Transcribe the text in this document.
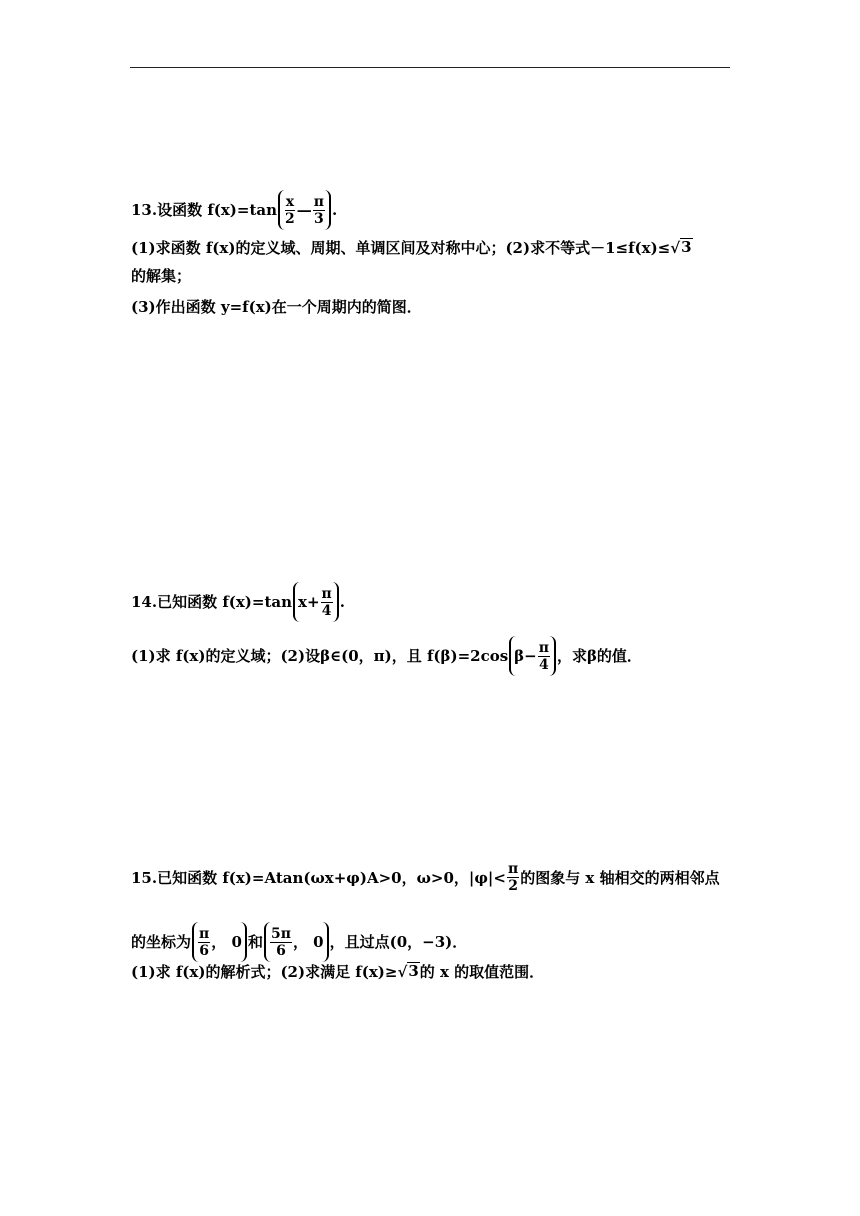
13.设函数 $f(x)=\tan \frac{x}{2}$ — $\frac{\pi}{3}$ .
(1)求函数 f(x)的定义域、周期、单调区间及对称中心；(2)求不等式－1≤f(x)≤ √ 3
的解集；
(3)作出函数 y=f(x)在一个周期内的简图．
14.已知函数 f(x)=tan $x+ \frac{\pi}{4}$ .
(1)求 f(x)的定义域；(2)设β∈(0，π)，且 f(β)=2cos $\beta- \frac{\pi}{4}$ ，求β的值．
15.已知函数 f(x)=Atan(ωx+φ)A>0，ω>0，$|\varphi|< \frac{\pi}{2}$ 的图象与 x 轴相交的两相邻点
的坐标为 $\frac{\pi}{6}$ ， 0 和 $\frac{5\pi}{6}$ ， 0 ，且过点(0，−3)．
(1)求 f(x)的解析式；(2)求满足 f(x)≥ √ 3 的 x 的取值范围．
